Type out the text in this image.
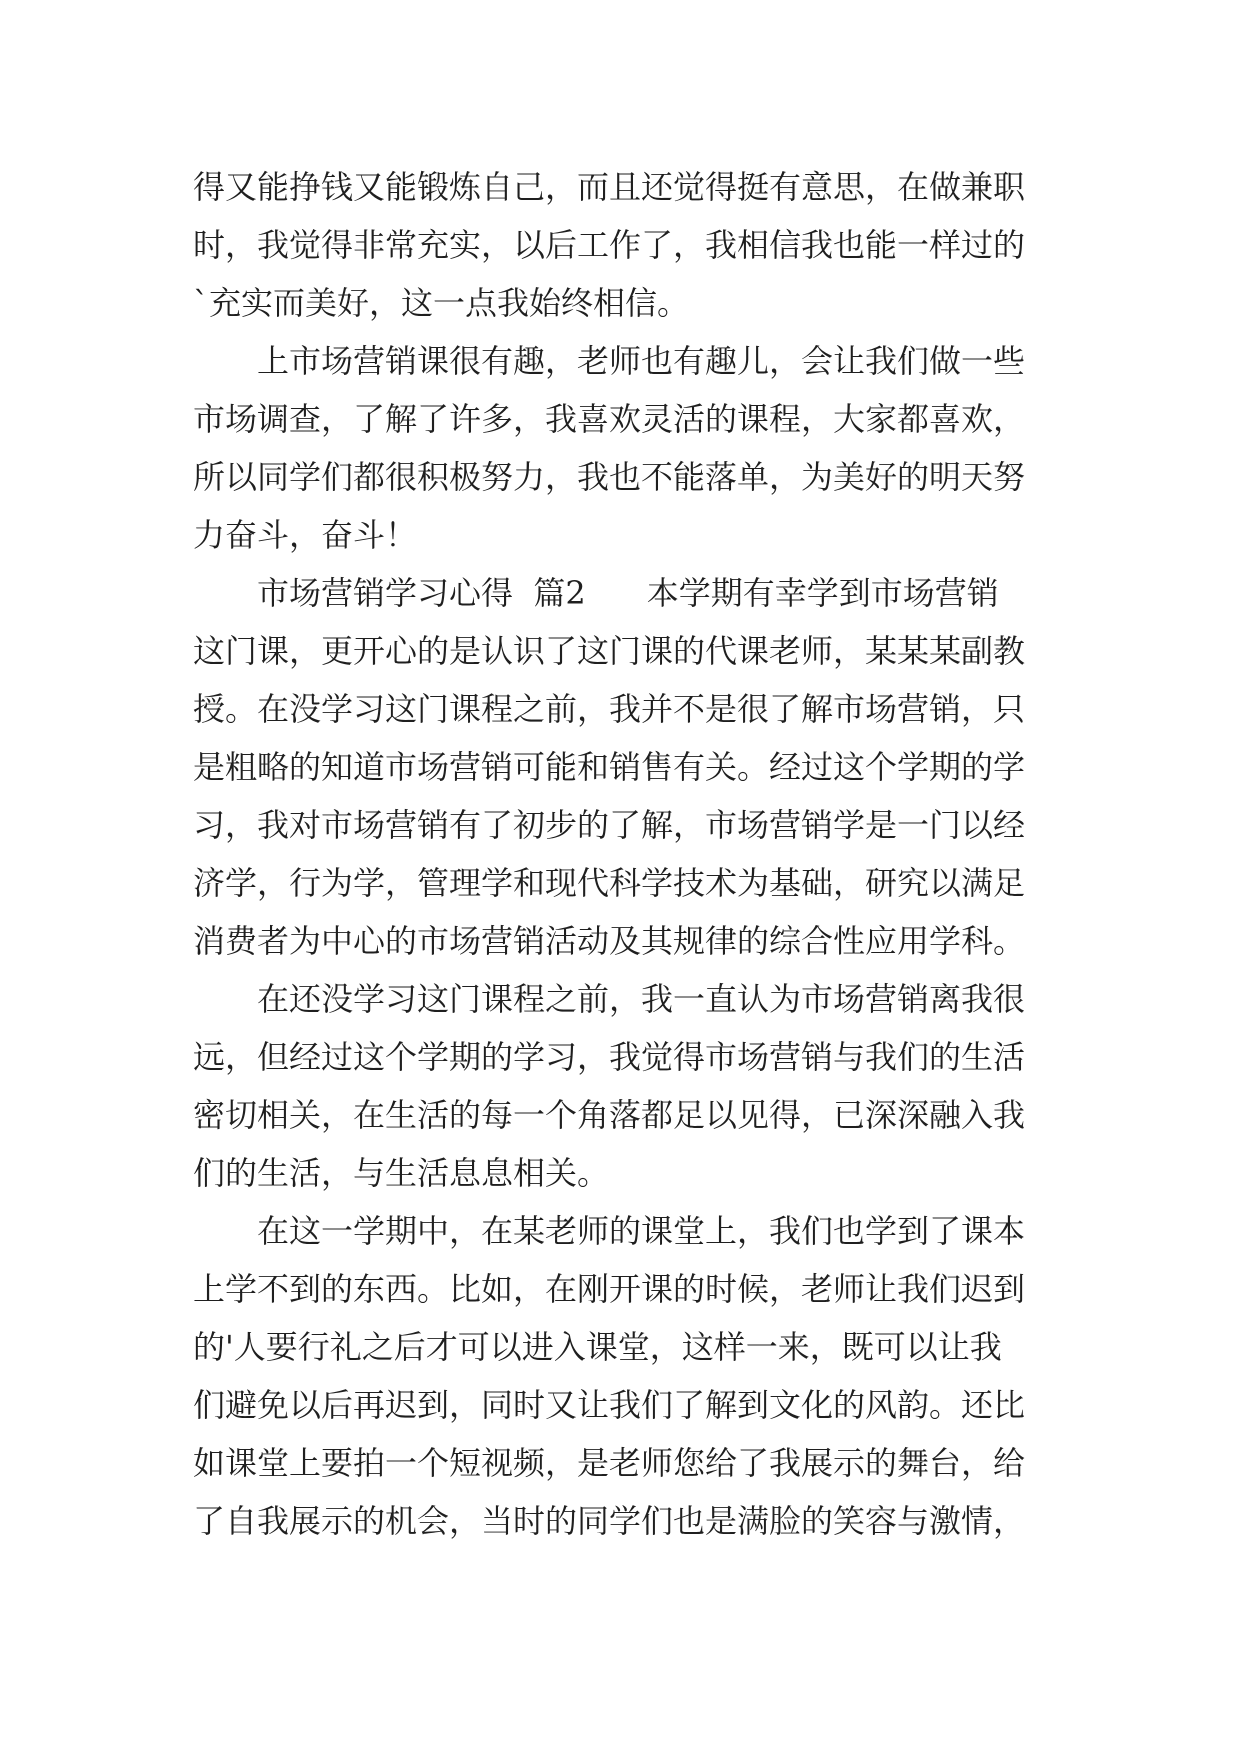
得又能挣钱又能锻炼自己，而且还觉得挺有意思，在做兼职
时，我觉得非常充实，以后工作了，我相信我也能一样过的
`充实而美好，这一点我始终相信。
上市场营销课很有趣，老师也有趣儿，会让我们做一些
市场调查，了解了许多，我喜欢灵活的课程，大家都喜欢，
所以同学们都很积极努力，我也不能落单，为美好的明天努
力奋斗，奋斗！
市场营销学习心得  篇2      本学期有幸学到市场营销
这门课，更开心的是认识了这门课的代课老师，某某某副教
授。在没学习这门课程之前，我并不是很了解市场营销，只
是粗略的知道市场营销可能和销售有关。经过这个学期的学
习，我对市场营销有了初步的了解，市场营销学是一门以经
济学，行为学，管理学和现代科学技术为基础，研究以满足
消费者为中心的市场营销活动及其规律的综合性应用学科。
在还没学习这门课程之前，我一直认为市场营销离我很
远，但经过这个学期的学习，我觉得市场营销与我们的生活
密切相关，在生活的每一个角落都足以见得，已深深融入我
们的生活，与生活息息相关。
在这一学期中，在某老师的课堂上，我们也学到了课本
上学不到的东西。比如，在刚开课的时候，老师让我们迟到
的'人要行礼之后才可以进入课堂，这样一来，既可以让我
们避免以后再迟到，同时又让我们了解到文化的风韵。还比
如课堂上要拍一个短视频，是老师您给了我展示的舞台，给
了自我展示的机会，当时的同学们也是满脸的笑容与激情，
